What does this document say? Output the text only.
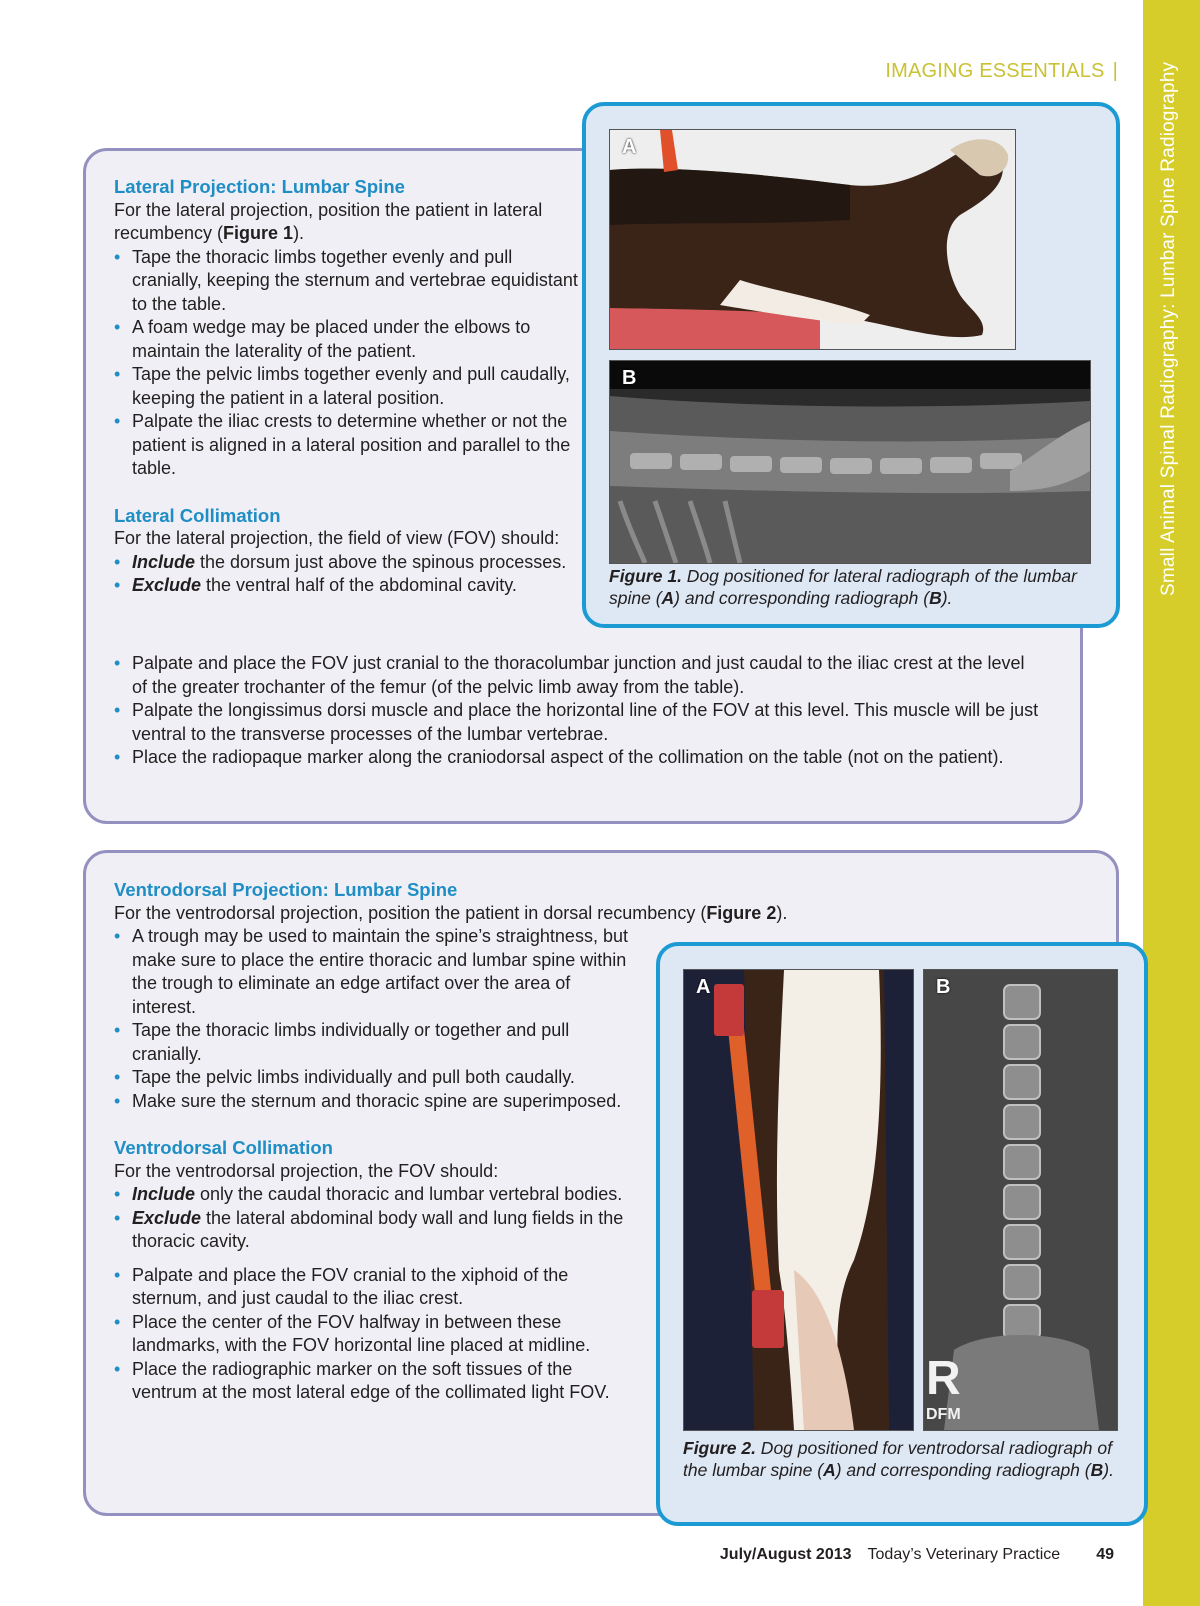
Small Animal Spinal Radiography: Lumbar Spine Radiography
IMAGING ESSENTIALS |

Lateral Projection: Lumbar Spine

For the lateral projection, position the patient in lateral recumbency (Figure 1).

• Tape the thoracic limbs together evenly and pull cranially, keeping the sternum and vertebrae equidistant to the table.
• A foam wedge may be placed under the elbows to maintain the laterality of the patient.
• Tape the pelvic limbs together evenly and pull caudally, keeping the patient in a lateral position.
• Palpate the iliac crests to determine whether or not the patient is aligned in a lateral position and parallel to the table.

Lateral Collimation

For the lateral projection, the field of view (FOV) should:

• Include the dorsum just above the spinous processes.
• Exclude the ventral half of the abdominal cavity.
• Palpate and place the FOV just cranial to the thoracolumbar junction and just caudal to the iliac crest at the level of the greater trochanter of the femur (of the pelvic limb away from the table).
• Palpate the longissimus dorsi muscle and place the horizontal line of the FOV at this level. This muscle will be just ventral to the transverse processes of the lumbar vertebrae.
• Place the radiopaque marker along the craniodorsal aspect of the collimation on the table (not on the patient).
A
B
Figure 1. Dog positioned for lateral radiograph of the lumbar spine (A) and corresponding radiograph (B).

Ventrodorsal Projection: Lumbar Spine

For the ventrodorsal projection, position the patient in dorsal recumbency (Figure 2).

• A trough may be used to maintain the spine’s straightness, but make sure to place the entire thoracic and lumbar spine within the trough to eliminate an edge artifact over the area of interest.
• Tape the thoracic limbs individually or together and pull cranially.
• Tape the pelvic limbs individually and pull both caudally.
• Make sure the sternum and thoracic spine are superimposed.

Ventrodorsal Collimation

For the ventrodorsal projection, the FOV should:

• Include only the caudal thoracic and lumbar vertebral bodies.
• Exclude the lateral abdominal body wall and lung fields in the thoracic cavity.
• Palpate and place the FOV cranial to the xiphoid of the sternum, and just caudal to the iliac crest.
• Place the center of the FOV halfway in between these landmarks, with the FOV horizontal line placed at midline.
• Place the radiographic marker on the soft tissues of the ventrum at the most lateral edge of the collimated light FOV.
A	B
R
DFM
Figure 2. Dog positioned for ventrodorsal radiograph of the lumbar spine (A) and corresponding radiograph (B).
July/August 2013 Today’s Veterinary Practice 49
